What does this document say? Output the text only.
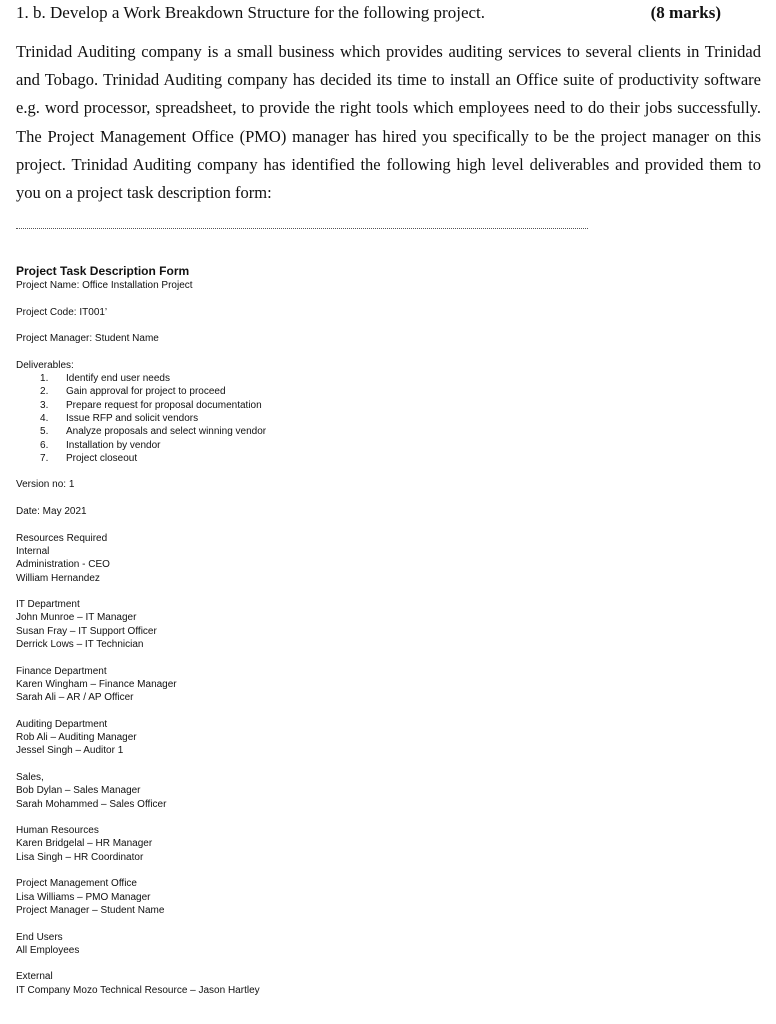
1. b. Develop a Work Breakdown Structure for the following project.	(8 marks)

Trinidad Auditing company is a small business which provides auditing services to several clients in Trinidad and Tobago. Trinidad Auditing company has decided its time to install an Office suite of productivity software e.g. word processor, spreadsheet, to provide the right tools which employees need to do their jobs successfully. The Project Management Office (PMO) manager has hired you specifically to be the project manager on this project. Trinidad Auditing company has identified the following high level deliverables and provided them to you on a project task description form:

Project Task Description Form

Project Name: Office Installation Project

Project Code: IT001’

Project Manager: Student Name

Deliverables:

Identify end user needs
Gain approval for project to proceed
Prepare request for proposal documentation
Issue RFP and solicit vendors
Analyze proposals and select winning vendor
Installation by vendor
Project closeout

Version no: 1

Date: May 2021

Resources Required

Internal

Administration - CEO

William Hernandez

IT Department

John Munroe – IT Manager

Susan Fray – IT Support Officer

Derrick Lows – IT Technician

Finance Department

Karen Wingham – Finance Manager

Sarah Ali – AR / AP Officer

Auditing Department

Rob Ali – Auditing Manager

Jessel Singh – Auditor 1

Sales,

Bob Dylan – Sales Manager

Sarah Mohammed – Sales Officer

Human Resources

Karen Bridgelal – HR Manager

Lisa Singh – HR Coordinator

Project Management Office

Lisa Williams – PMO Manager

Project Manager – Student Name

End Users

All Employees

External

IT Company Mozo Technical Resource – Jason Hartley
